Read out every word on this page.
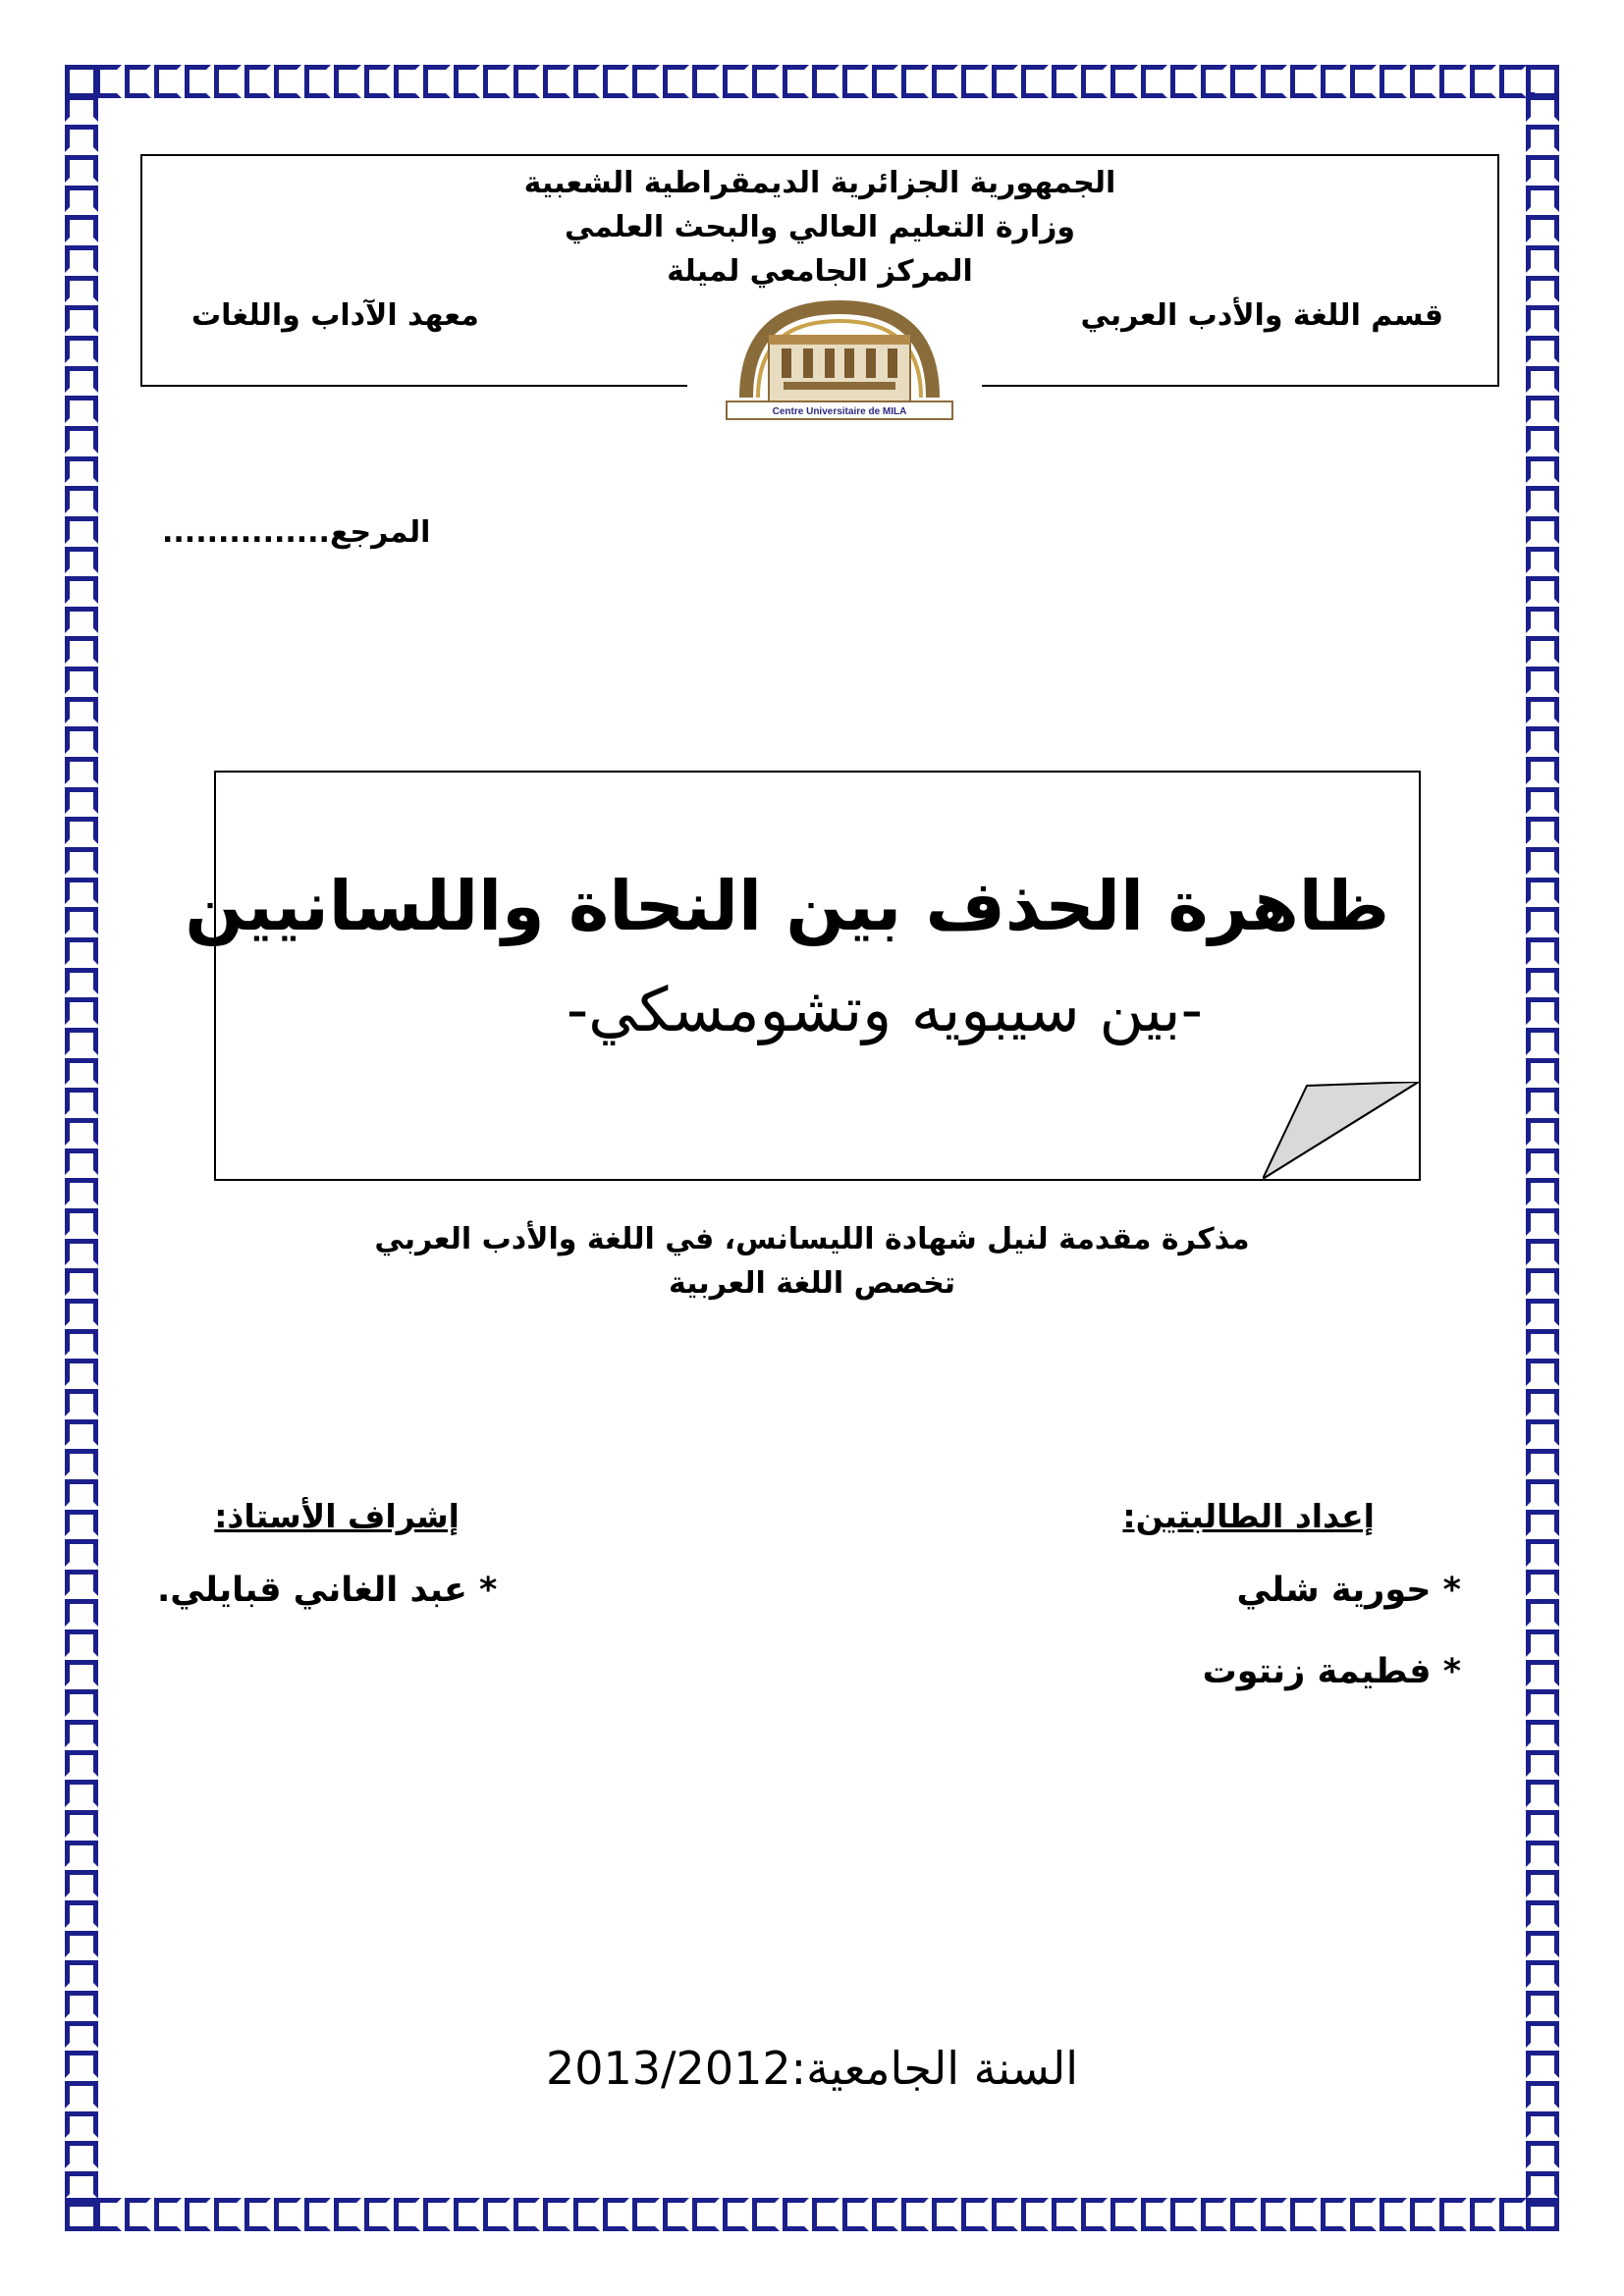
الجمهورية الجزائرية الديمقراطية الشعبية
وزارة التعليم العالي والبحث العلمي
المركز الجامعي لميلة
قسم اللغة والأدب العربي
معهد الآداب واللغات
Centre Universitaire de MILA
المرجع...............
ظاهرة الحذف بين النحاة واللسانيين
-بين سيبويه وتشومسكي-
مذكرة مقدمة لنيل شهادة الليسانس، في اللغة والأدب العربي
تخصص اللغة العربية
إعداد الطالبتين:
* حورية شلي
* فطيمة زنتوت
إشراف الأستاذ:
* عبد الغاني قبايلي.
السنة الجامعية:2013/2012
